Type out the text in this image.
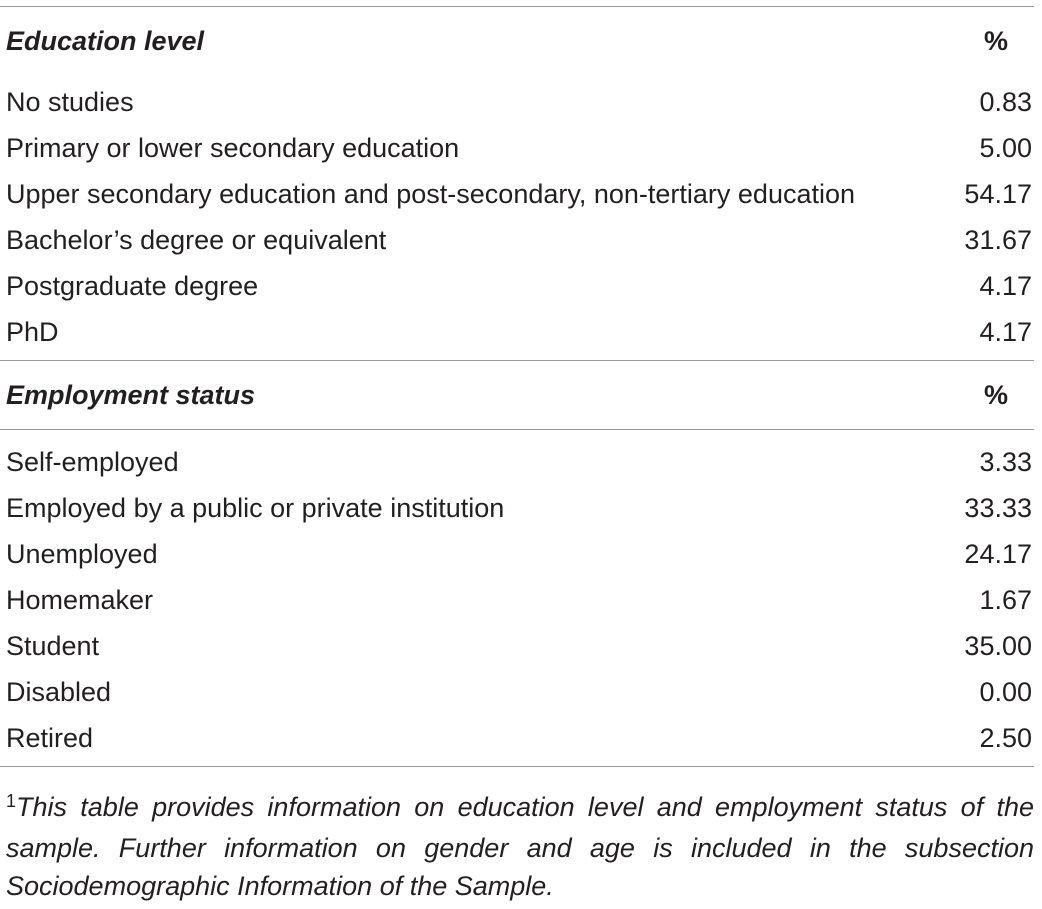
Education level	%
No studies	0.83
Primary or lower secondary education	5.00
Upper secondary education and post-secondary, non-tertiary education	54.17
Bachelor’s degree or equivalent	31.67
Postgraduate degree	4.17
PhD	4.17
Employment status	%
Self-employed	3.33
Employed by a public or private institution	33.33
Unemployed	24.17
Homemaker	1.67
Student	35.00
Disabled	0.00
Retired	2.50
$^1$This table provides information on education level and employment status of the sample. Further information on gender and age is included in the subsection Sociodemographic Information of the Sample.
